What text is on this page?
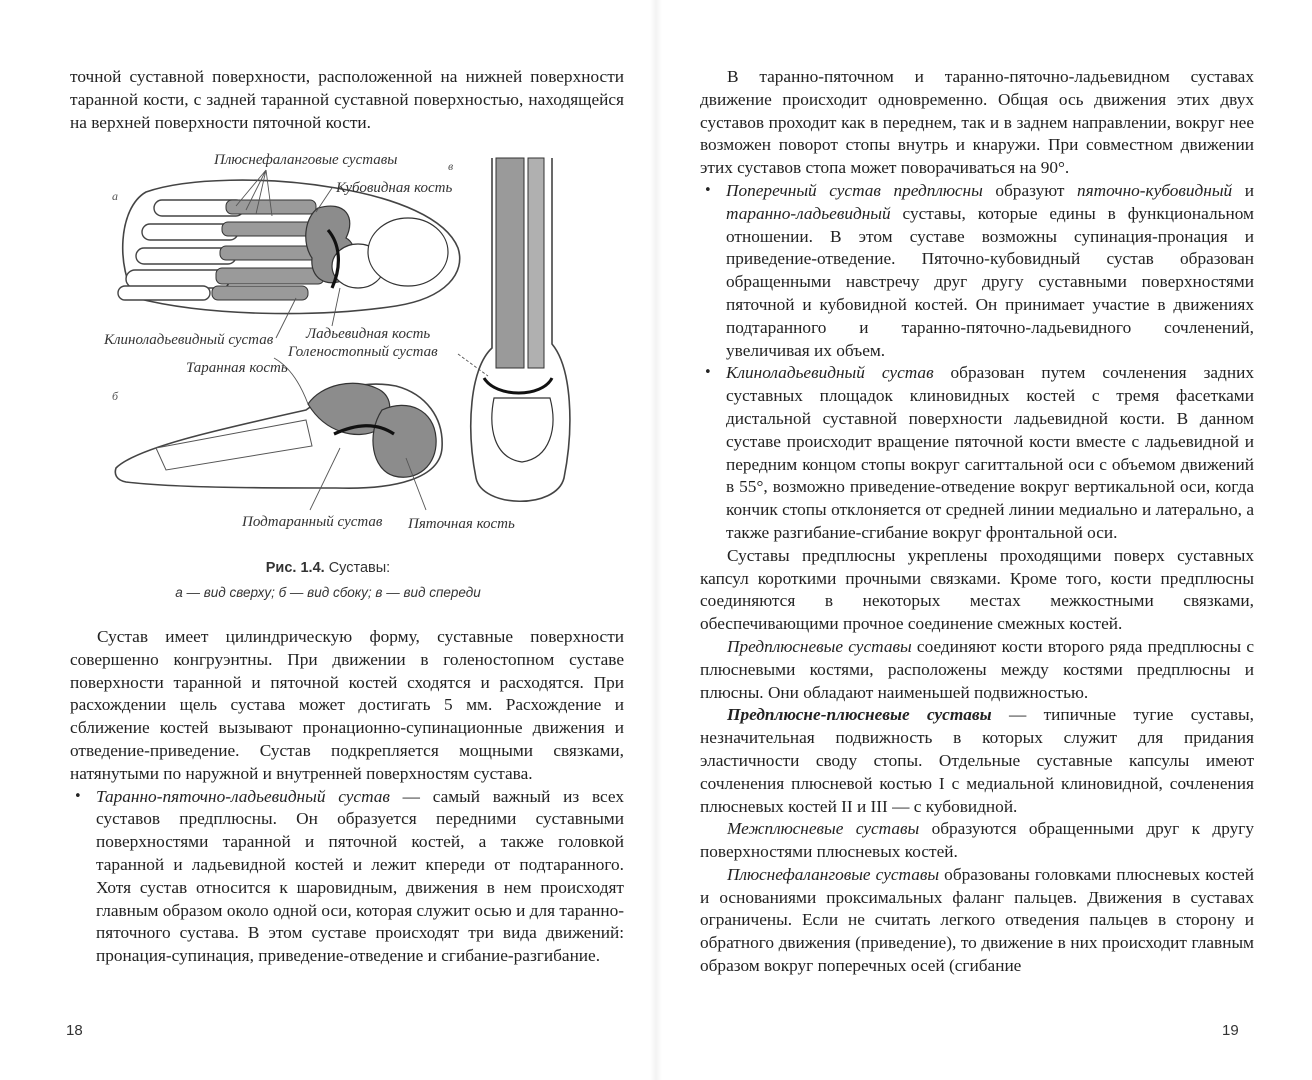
точной суставной поверхности, расположенной на нижней поверхности таранной кости, с задней таранной суставной поверхностью, находящейся на верхней поверхности пяточной кости.

а
б
в
Плюснефаланговые суставы
Кубовидная кость
Клиноладьевидный сустав Ладьевидная кость
Голеностопный сустав
Таранная кость
Подтаранный сустав Пяточная кость
Рис. 1.4. Суставы:
а — вид сверху; б — вид сбоку; в — вид спереди

Сустав имеет цилиндрическую форму, суставные поверхности совершенно конгруэнтны. При движении в голеностопном суставе поверхности таранной и пяточной костей сходятся и расходятся. При расхождении щель сустава может достигать 5 мм. Расхождение и сближение костей вызывают пронационно-супинационные движения и отведение-приведение. Сустав подкрепляется мощными связками, натянутыми по наружной и внутренней поверхностям сустава.

• Таранно-пяточно-ладьевидный сустав — самый важный из всех суставов предплюсны. Он образуется передними суставными поверхностями таранной и пяточной костей, а также головкой таранной и ладьевидной костей и лежит кпереди от подтаранного. Хотя сустав относится к шаровидным, движения в нем происходят главным образом около одной оси, которая служит осью и для таранно-пяточного сустава. В этом суставе происходят три вида движений: пронация-супинация, приведение-отведение и сгибание-разгибание.

18

В таранно-пяточном и таранно-пяточно-ладьевидном суставах движение происходит одновременно. Общая ось движения этих двух суставов проходит как в переднем, так и в заднем направлении, вокруг нее возможен поворот стопы внутрь и кнаружи. При совместном движении этих суставов стопа может поворачиваться на 90°.

• Поперечный сустав предплюсны образуют пяточно-кубовидный и таранно-ладьевидный суставы, которые едины в функциональном отношении. В этом суставе возможны супинация-пронация и приведение-отведение. Пяточно-кубовидный сустав образован обращенными навстречу друг другу суставными поверхностями пяточной и кубовидной костей. Он принимает участие в движениях подтаранного и таранно-пяточно-ладьевидного сочленений, увеличивая их объем.

• Клиноладьевидный сустав образован путем сочленения задних суставных площадок клиновидных костей с тремя фасетками дистальной суставной поверхности ладьевидной кости. В данном суставе происходит вращение пяточной кости вместе с ладьевидной и передним концом стопы вокруг сагиттальной оси с объемом движений в 55°, возможно приведение-отведение вокруг вертикальной оси, когда кончик стопы отклоняется от средней линии медиально и латерально, а также разгибание-сгибание вокруг фронтальной оси.

Суставы предплюсны укреплены проходящими поверх суставных капсул короткими прочными связками. Кроме того, кости предплюсны соединяются в некоторых местах межкостными связками, обеспечивающими прочное соединение смежных костей.

Предплюсневые суставы соединяют кости второго ряда предплюсны с плюсневыми костями, расположены между костями предплюсны и плюсны. Они обладают наименьшей подвижностью.

Предплюсне-плюсневые суставы — типичные тугие суставы, незначительная подвижность в которых служит для придания эластичности своду стопы. Отдельные суставные капсулы имеют сочленения плюсневой костью I с медиальной клиновидной, сочленения плюсневых костей II и III — с кубовидной.

Межплюсневые суставы образуются обращенными друг к другу поверхностями плюсневых костей.

Плюснефаланговые суставы образованы головками плюсневых костей и основаниями проксимальных фаланг пальцев. Движения в суставах ограничены. Если не считать легкого отведения пальцев в сторону и обратного движения (приведение), то движение в них происходит главным образом вокруг поперечных осей (сгибание

19
